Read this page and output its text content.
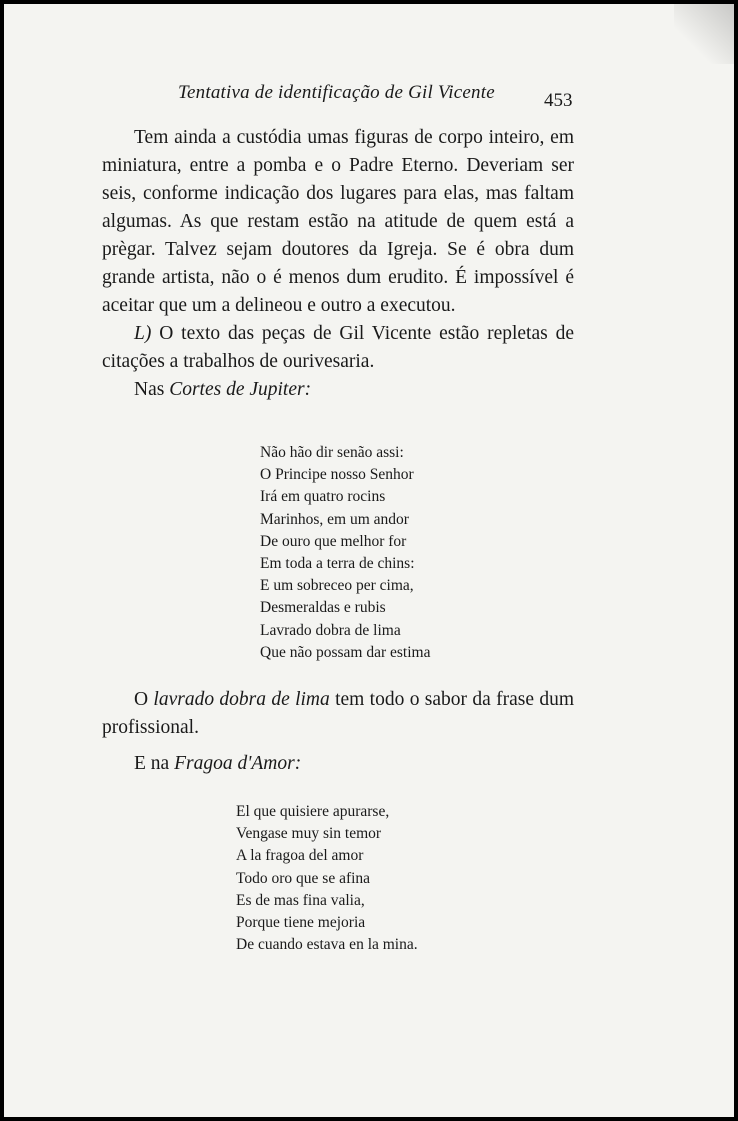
Tentativa de identificação de Gil Vicente	453

Tem ainda a custódia umas figuras de corpo inteiro, em miniatura, entre a pomba e o Padre Eterno. Deveriam ser seis, conforme indicação dos lugares para elas, mas faltam algumas. As que restam estão na atitude de quem está a prègar. Talvez sejam doutores da Igreja. Se é obra dum grande artista, não o é menos dum erudito. É impossível é aceitar que um a delineou e outro a executou.

L) O texto das peças de Gil Vicente estão repletas de citações a trabalhos de ourivesaria.

Nas Cortes de Jupiter:

Não hão dir senão assi:
O Principe nosso Senhor
Irá em quatro rocins
Marinhos, em um andor
De ouro que melhor for
Em toda a terra de chins:
E um sobreceo per cima,
Desmeraldas e rubis
Lavrado dobra de lima
Que não possam dar estima

O lavrado dobra de lima tem todo o sabor da frase dum profissional.

E na Fragoa d'Amor:

El que quisiere apurarse,
Vengase muy sin temor
A la fragoa del amor
Todo oro que se afina
Es de mas fina valia,
Porque tiene mejoria
De cuando estava en la mina.
